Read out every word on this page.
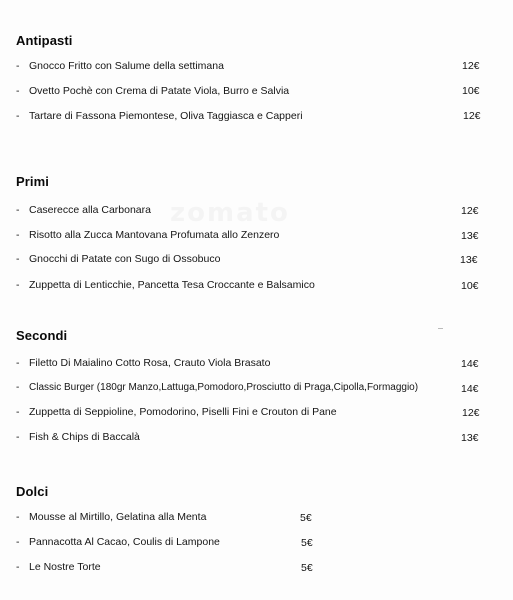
zomato
Antipasti
- Gnocco Fritto con Salume della settimana	12€
- Ovetto Pochè con Crema di Patate Viola, Burro e Salvia	10€
- Tartare di Fassona Piemontese, Oliva Taggiasca e Capperi	12€
Primi
- Caserecce alla Carbonara	12€
- Risotto alla Zucca Mantovana Profumata allo Zenzero	13€
- Gnocchi di Patate con Sugo di Ossobuco	13€
- Zuppetta di Lenticchie, Pancetta Tesa Croccante e Balsamico	10€
Secondi
- Filetto Di Maialino Cotto Rosa, Crauto Viola Brasato	14€
- Classic Burger (180gr Manzo,Lattuga,Pomodoro,Prosciutto di Praga,Cipolla,Formaggio)	14€
- Zuppetta di Seppioline, Pomodorino, Piselli Fini e Crouton di Pane	12€
- Fish & Chips di Baccalà	13€
Dolci
- Mousse al Mirtillo, Gelatina alla Menta	5€
- Pannacotta Al Cacao, Coulis di Lampone	5€
- Le Nostre Torte	5€
